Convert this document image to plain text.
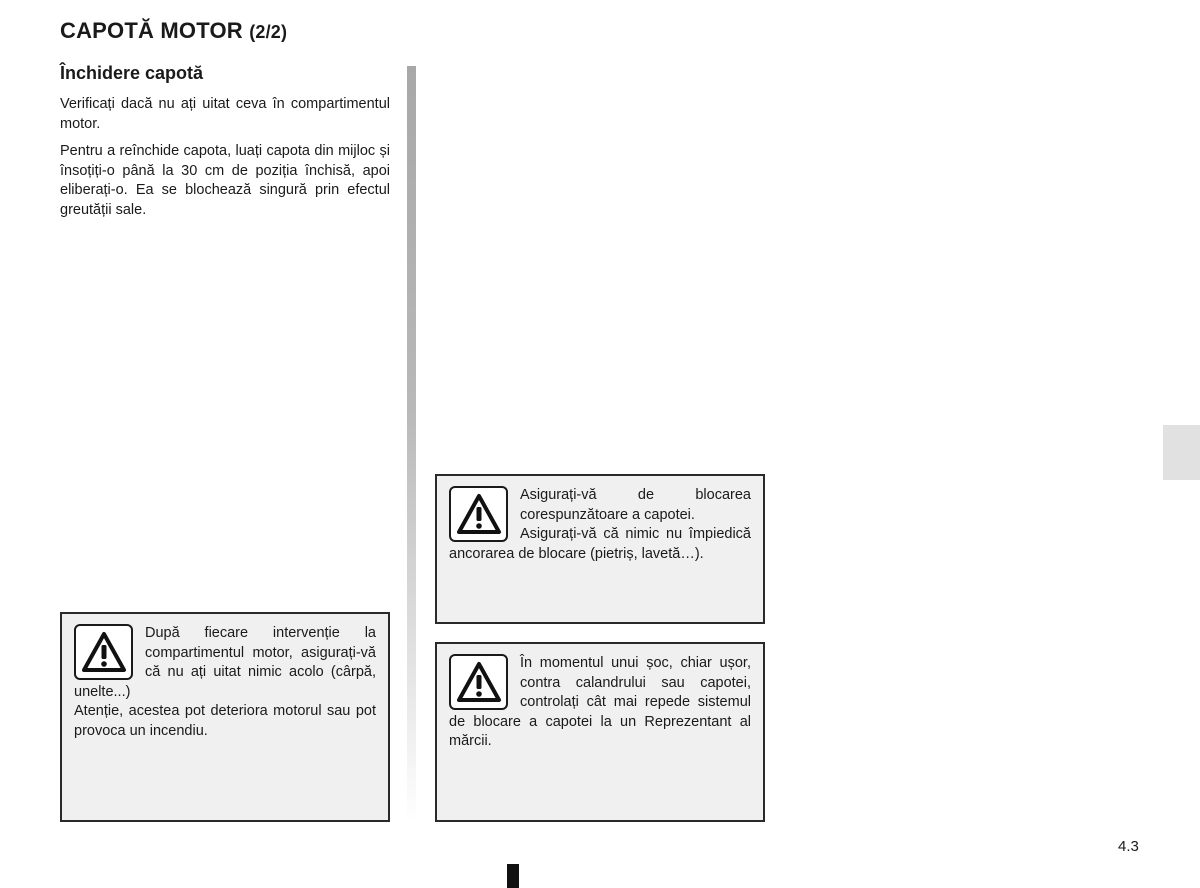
CAPOTĂ MOTOR (2/2)
Închidere capotă
Verificați dacă nu ați uitat ceva în compartimentul motor.
Pentru a reînchide capota, luați capota din mijloc și însoțiți-o până la 30 cm de poziția închisă, apoi eliberați-o. Ea se blochează singură prin efectul greutății sale.
După fiecare intervenție la compartimentul motor, asigurați-vă că nu ați uitat nimic acolo (cârpă, unelte...)
Atenție, acestea pot deteriora motorul sau pot provoca un incendiu.
Asigurați-vă de blocarea corespunzătoare a capotei.
Asigurați-vă că nimic nu împiedică ancorarea de blocare (pietriș, lavetă…).
În momentul unui șoc, chiar ușor, contra calandrului sau capotei, controlați cât mai repede sistemul de blocare a capotei la un Reprezentant al mărcii.
4.3
